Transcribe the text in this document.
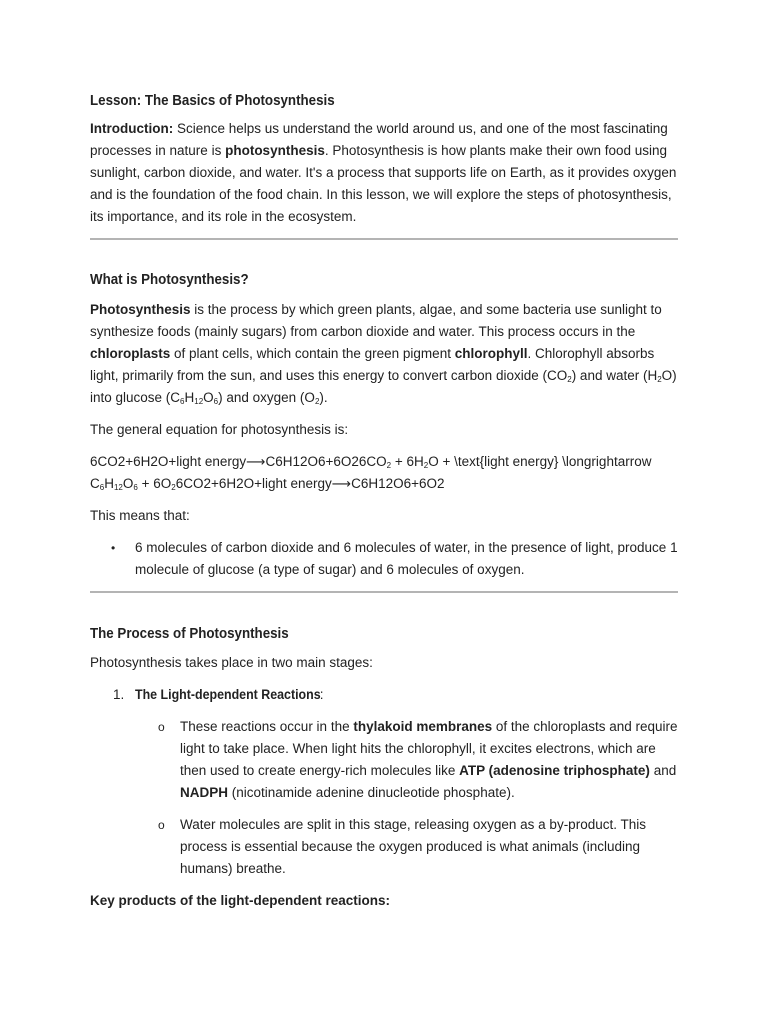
Lesson: The Basics of Photosynthesis

Introduction: Science helps us understand the world around us, and one of the most fascinating processes in nature is photosynthesis. Photosynthesis is how plants make their own food using sunlight, carbon dioxide, and water. It's a process that supports life on Earth, as it provides oxygen and is the foundation of the food chain. In this lesson, we will explore the steps of photosynthesis, its importance, and its role in the ecosystem.

What is Photosynthesis?

Photosynthesis is the process by which green plants, algae, and some bacteria use sunlight to synthesize foods (mainly sugars) from carbon dioxide and water. This process occurs in the chloroplasts of plant cells, which contain the green pigment chlorophyll. Chlorophyll absorbs light, primarily from the sun, and uses this energy to convert carbon dioxide $(CO_2)$ and water $(H_2O)$ into glucose $(C_6H_{12}O_6)$ and oxygen $(O_2)$.

The general equation for photosynthesis is:

6CO2+6H2O+light $energy⟶C6H12O6+6O26CO_2 + 6H_2O$ + \text{light energy} \longrightarrow $C_6H_{12}O_6$ + $6O_26CO2+6H2O+light$ energy⟶C6H12O6+6O2

This means that:

• 6 molecules of carbon dioxide and 6 molecules of water, in the presence of light, produce 1 molecule of glucose (a type of sugar) and 6 molecules of oxygen.
The Process of Photosynthesis

Photosynthesis takes place in two main stages:

1. The Light-dependent Reactions:
o These reactions occur in the thylakoid membranes of the chloroplasts and require light to take place. When light hits the chlorophyll, it excites electrons, which are then used to create energy-rich molecules like ATP (adenosine triphosphate) and NADPH (nicotinamide adenine dinucleotide phosphate).
o Water molecules are split in this stage, releasing oxygen as a by-product. This process is essential because the oxygen produced is what animals (including humans) breathe.

Key products of the light-dependent reactions:
